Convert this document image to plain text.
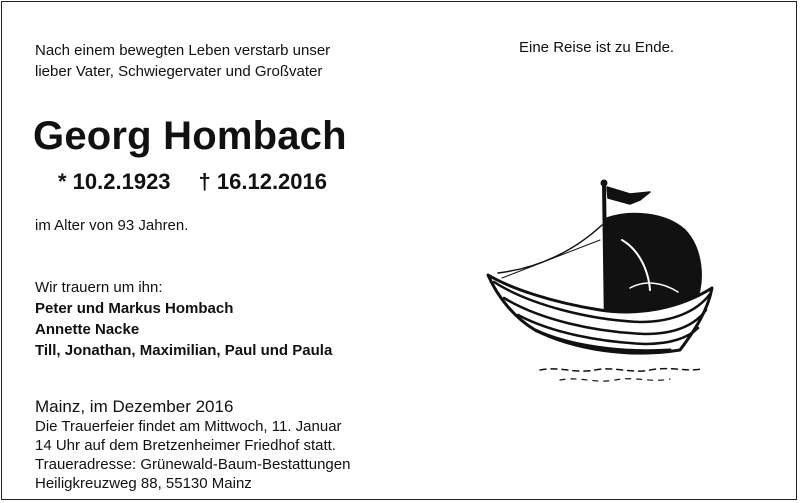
Nach einem bewegten Leben verstarb unser
lieber Vater, Schwiegervater und Großvater

Eine Reise ist zu Ende.

Georg Hombach

* 10.2.1923 † 16.12.2016

im Alter von 93 Jahren.

Wir trauern um ihn:
Peter und Markus Hombach
Annette Nacke
Till, Jonathan, Maximilian, Paul und Paula

Mainz, im Dezember 2016

Die Trauerfeier findet am Mittwoch, 11. Januar
14 Uhr auf dem Bretzenheimer Friedhof statt.
Traueradresse: Grünewald-Baum-Bestattungen
Heiligkreuzweg 88, 55130 Mainz
